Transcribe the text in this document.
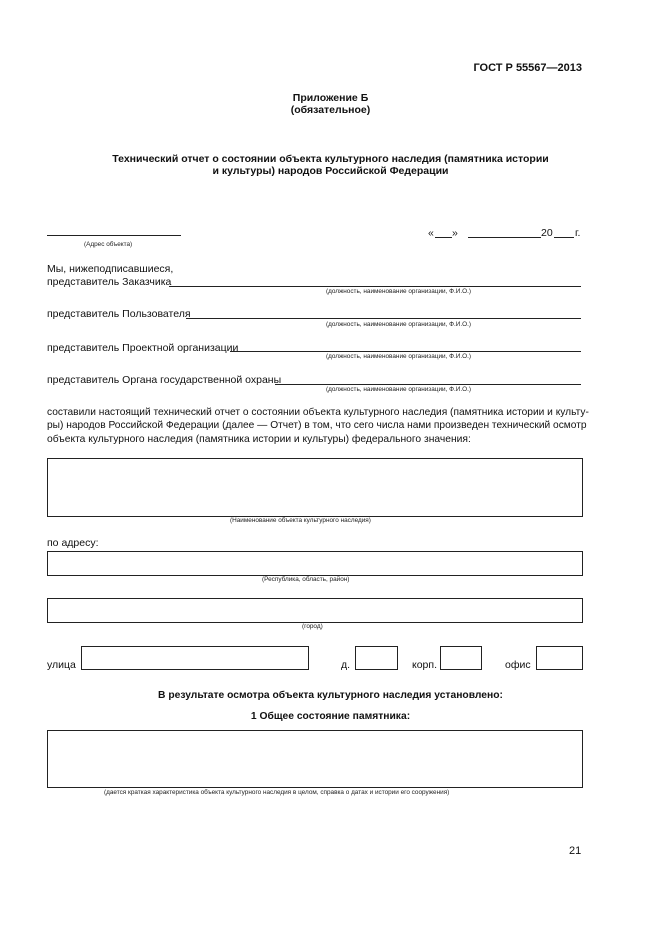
ГОСТ Р 55567—2013
Приложение Б
(обязательное)
Технический отчет о состоянии объекта культурного наследия (памятника истории
и культуры) народов Российской Федерации
(Адрес объекта)
« »	20 г.
Мы, нижеподписавшиеся,
представитель Заказчика
(должность, наименование организации, Ф.И.О.)
представитель Пользователя
(должность, наименование организации, Ф.И.О.)
представитель Проектной организации
(должность, наименование организации, Ф.И.О.)
представитель Органа государственной охраны
(должность, наименование организации, Ф.И.О.)
составили настоящий технический отчет о состоянии объекта культурного наследия (памятника истории и культу-
ры) народов Российской Федерации (далее — Отчет) в том, что сего числа нами произведен технический осмотр
объекта культурного наследия (памятника истории и культуры) федерального значения:
(Наименование объекта культурного наследия)
по адресу:
(Республика, область, район)
(город)
улица	д.	корп.	офис
В результате осмотра объекта культурного наследия установлено:
1 Общее состояние памятника:
(дается краткая характеристика объекта культурного наследия в целом, справка о датах и истории его сооружения)
21
